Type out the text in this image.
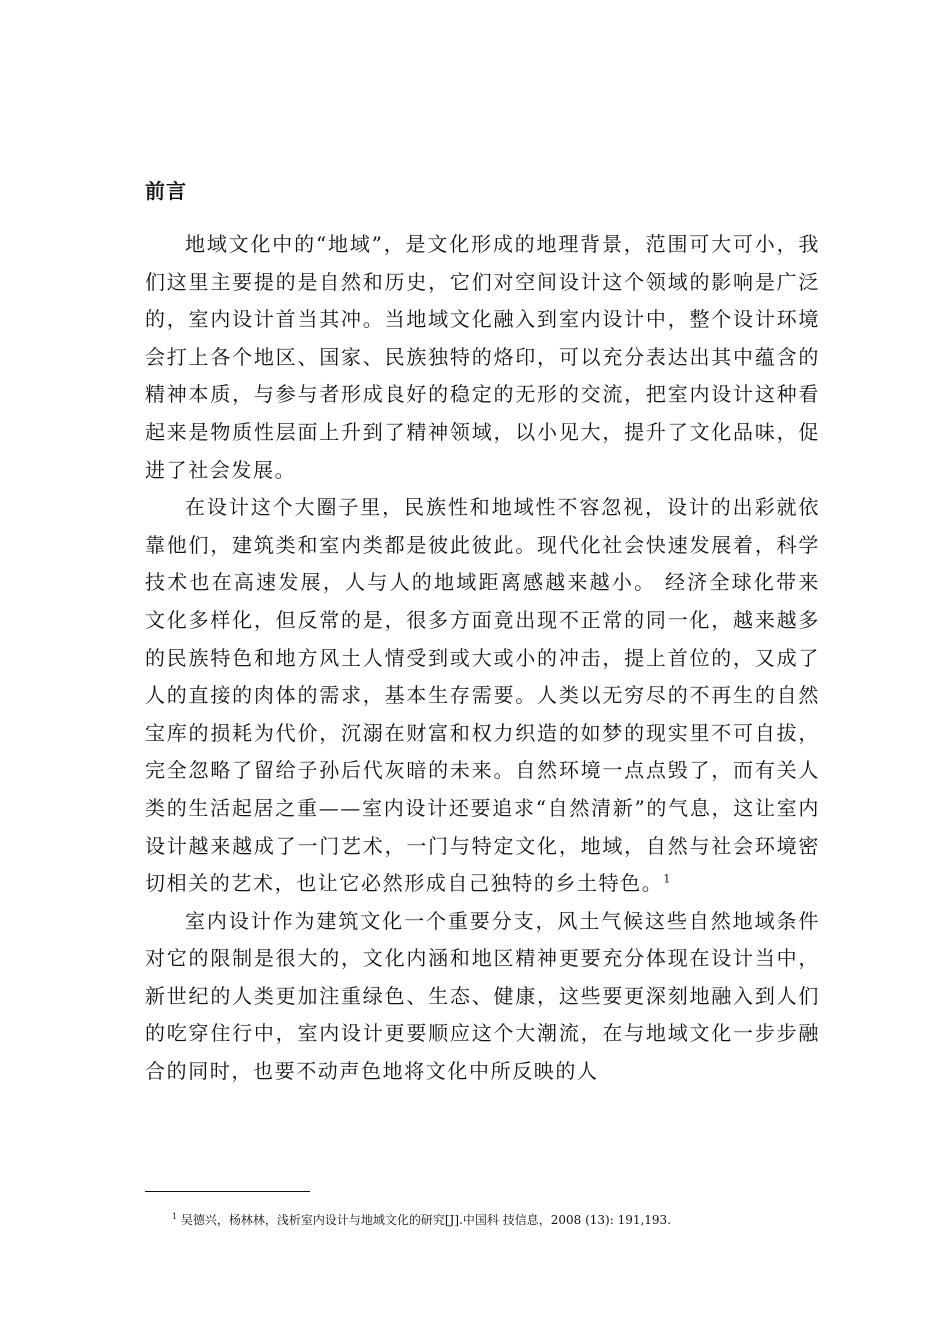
前言

地域文化中的“地域”，是文化形成的地理背景，范围可大可小，我们这里主要提的是自然和历史，它们对空间设计这个领域的影响是广泛的，室内设计首当其冲。当地域文化融入到室内设计中，整个设计环境会打上各个地区、国家、民族独特的烙印，可以充分表达出其中蕴含的精神本质，与参与者形成良好的稳定的无形的交流，把室内设计这种看起来是物质性层面上升到了精神领域，以小见大，提升了文化品味，促进了社会发展。

在设计这个大圈子里，民族性和地域性不容忽视，设计的出彩就依靠他们，建筑类和室内类都是彼此彼此。现代化社会快速发展着，科学技术也在高速发展，人与人的地域距离感越来越小。 经济全球化带来文化多样化，但反常的是，很多方面竟出现不正常的同一化，越来越多的民族特色和地方风土人情受到或大或小的冲击，提上首位的，又成了人的直接的肉体的需求，基本生存需要。人类以无穷尽的不再生的自然宝库的损耗为代价，沉溺在财富和权力织造的如梦的现实里不可自拔，完全忽略了留给子孙后代灰暗的未来。自然环境一点点毁了，而有关人类的生活起居之重——室内设计还要追求“自然清新”的气息，这让室内设计越来越成了一门艺术，一门与特定文化，地域，自然与社会环境密切相关的艺术，也让它必然形成自己独特的乡土特色。$^1$

室内设计作为建筑文化一个重要分支，风土气候这些自然地域条件对它的限制是很大的，文化内涵和地区精神更要充分体现在设计当中，新世纪的人类更加注重绿色、生态、健康，这些要更深刻地融入到人们的吃穿住行中，室内设计更要顺应这个大潮流，在与地域文化一步步融合的同时，也要不动声色地将文化中所反映的人

$^1$ 吴德兴，杨林林，浅析室内设计与地域文化的研究[J].中国科 技信息，2008 (13): 191,193.
